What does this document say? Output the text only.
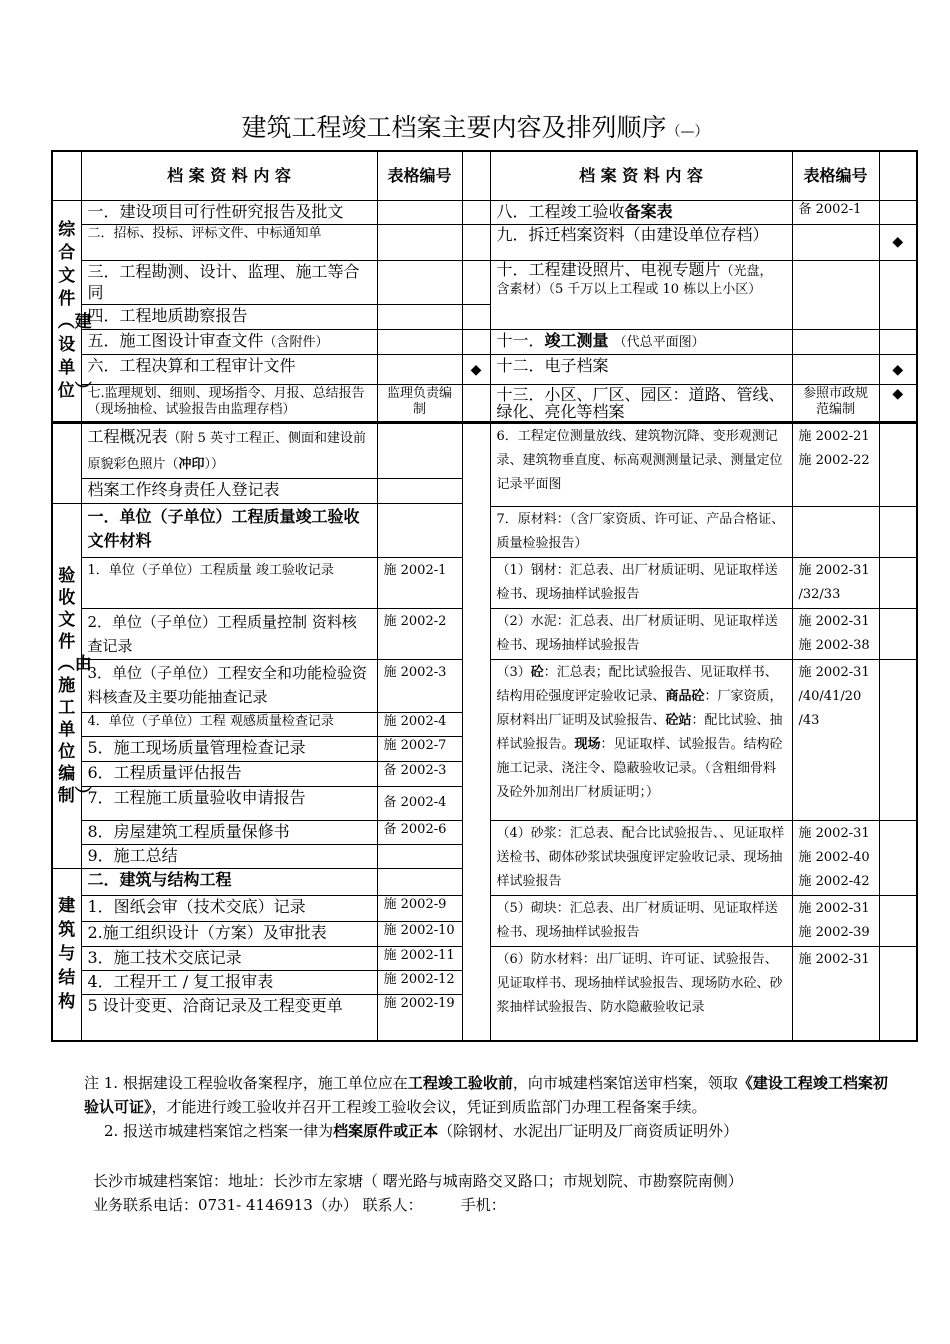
建筑工程竣工档案主要内容及排列顺序（—）
	档 案 资 料 内 容	表格编号		档 案 资 料 内 容	表格编号	

综合文件︵建设单位︶	一．建设项目可行性研究报告及批文			八．工程竣工验收备案表	备 2002-1	
	二．招标、投标、评标文件、中标通知单			九．拆迁档案资料（由建设单位存档）		◆
	三．工程勘测、设计、监理、施工等合同			十．工程建设照片、电视专题片（光盘，含素材）（5 千万以上工程或 10 栋以上小区）		
	四．工程地质勘察报告					
	五．施工图设计审查文件（含附件）			十一．竣工测量 （代总平面图）		
	六．工程决算和工程审计文件		◆	十二．电子档案		◆
	七.监理规划、细则、现场指令、月报、总结报告（现场抽检、试验报告由监理存档）	监理负责编制		十三．小区、厂区、园区：道路、管线、绿化、亮化等档案	参照市政规范编制	◆
	工程概况表（附 5 英寸工程正、侧面和建设前原貌彩色照片（冲印））			6．工程定位测量放线、建筑物沉降、变形观测记录、建筑物垂直度、标高观测测量记录、测量定位记录平面图	施 2002-21
施 2002-22	

	档案工作终身责任人登记表					

验收文件︵由施工单位编制︶	一．单位（子单位）工程质量竣工验收文件材料					
				7．原材料：（含厂家资质、许可证、产品合格证、质量检验报告）		
	1．单位（子单位）工程质量 竣工验收记录	施 2002-1		（1）钢材：汇总表、出厂材质证明、见证取样送检书、现场抽样试验报告	施 2002-31
/32/33	

	2．单位（子单位）工程质量控制 资料核查记录	施 2002-2		（2）水泥：汇总表、出厂材质证明、见证取样送检书、现场抽样试验报告	施 2002-31
施 2002-38	

	3．单位（子单位）工程安全和功能检验资料核查及主要功能抽查记录	施 2002-3		（3）砼：汇总表；配比试验报告、见证取样书、结构用砼强度评定验收记录、商品砼：厂家资质，原材料出厂证明及试验报告、砼站：配比试验、抽样试验报告。现场：见证取样、试验报告。结构砼施工记录、浇注令、隐蔽验收记录。（含粗细骨料及砼外加剂出厂材质证明；）	施 2002-31
/40/41/20
/43	

	4．单位（子单位）工程 观感质量检查记录	施 2002-4				
	5．施工现场质量管理检查记录	施 2002-7				
	6．工程质量评估报告	备 2002-3				
	7．工程施工质量验收申请报告	备 2002-4				
	8．房屋建筑工程质量保修书	备 2002-6		（4）砂浆：汇总表、配合比试验报告、、见证取样送检书、砌体砂浆试块强度评定验收记录、现场抽样试验报告	施 2002-31
施 2002-40
施 2002-42	

	9．施工总结					

建筑与结构	二．建筑与结构工程					
	1．图纸会审（技术交底）记录	施 2002-9		（5）砌块：汇总表、出厂材质证明、见证取样送检书、现场抽样试验报告	施 2002-31
施 2002-39	

	2.施工组织设计（方案）及审批表	施 2002-10				
	3．施工技术交底记录	施 2002-11		（6）防水材料：出厂证明、许可证、试验报告、见证取样书、现场抽样试验报告、现场防水砼、砂浆抽样试验报告、防水隐蔽验收记录	施 2002-31	

	4．工程开工 / 复工报审表	施 2002-12				
	5 设计变更、洽商记录及工程变更单	施 2002-19				

注 1. 根据建设工程验收备案程序，施工单位应在工程竣工验收前，向市城建档案馆送审档案，领取《建设工程竣工档案初验认可证》，才能进行竣工验收并召开工程竣工验收会议，凭证到质监部门办理工程备案手续。

2. 报送市城建档案馆之档案一律为档案原件或正本（除钢材、水泥出厂证明及厂商资质证明外）

长沙市城建档案馆：地址：长沙市左家塘（ 曙光路与城南路交叉路口；市规划院、市勘察院南侧）

业务联系电话：0731- 4146913（办） 联系人：        手机：
